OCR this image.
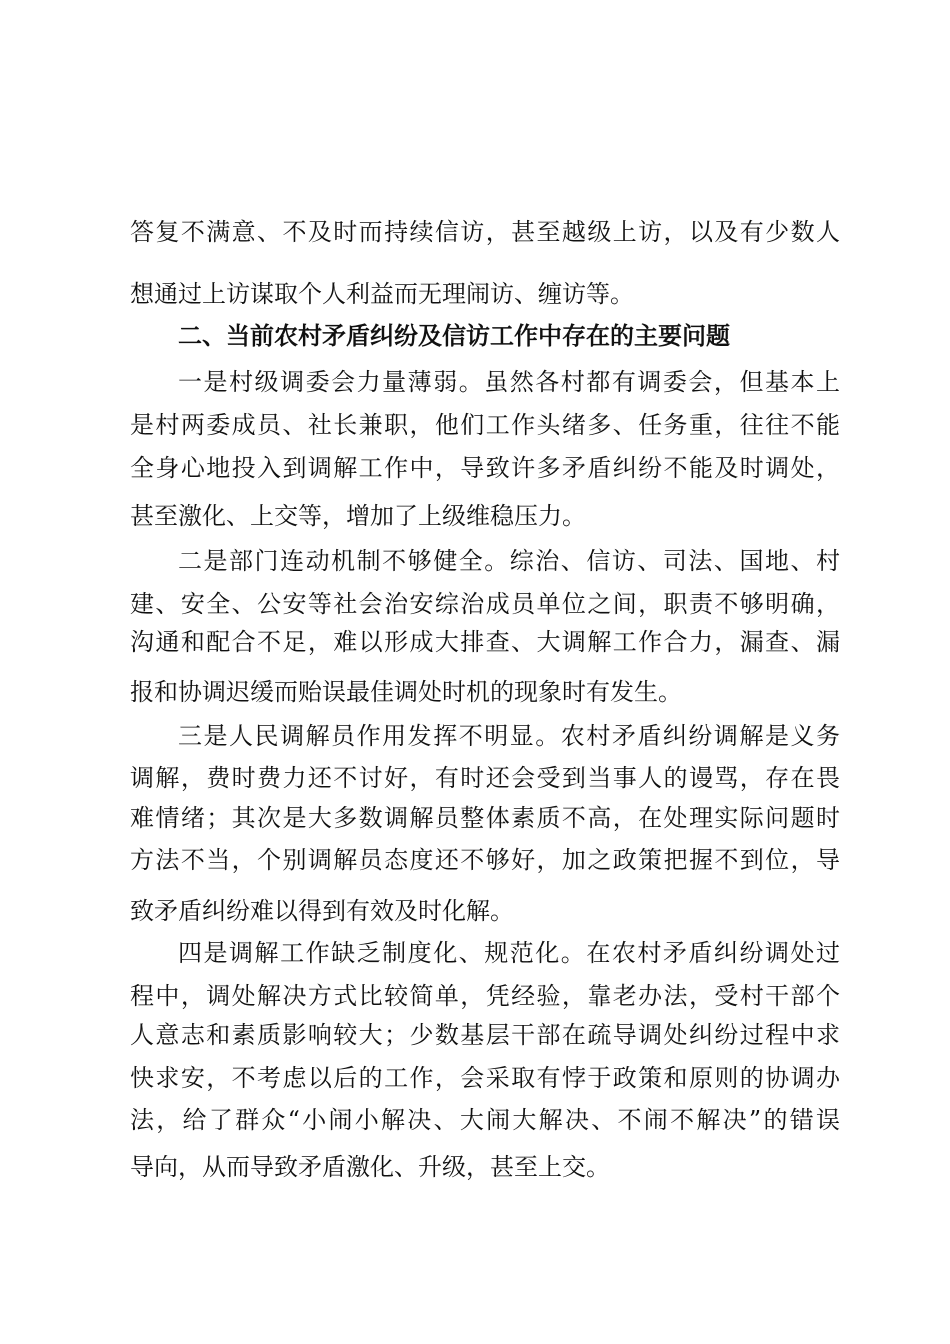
答复不满意、不及时而持续信访，甚至越级上访，以及有少数人
想通过上访谋取个人利益而无理闹访、缠访等。
二、当前农村矛盾纠纷及信访工作中存在的主要问题
一是村级调委会力量薄弱。虽然各村都有调委会，但基本上
是村两委成员、社长兼职，他们工作头绪多、任务重，往往不能
全身心地投入到调解工作中，导致许多矛盾纠纷不能及时调处，
甚至激化、上交等，增加了上级维稳压力。
二是部门连动机制不够健全。综治、信访、司法、国地、村
建、安全、公安等社会治安综治成员单位之间，职责不够明确，
沟通和配合不足，难以形成大排查、大调解工作合力，漏查、漏
报和协调迟缓而贻误最佳调处时机的现象时有发生。
三是人民调解员作用发挥不明显。农村矛盾纠纷调解是义务
调解，费时费力还不讨好，有时还会受到当事人的谩骂，存在畏
难情绪；其次是大多数调解员整体素质不高，在处理实际问题时
方法不当，个别调解员态度还不够好，加之政策把握不到位，导
致矛盾纠纷难以得到有效及时化解。
四是调解工作缺乏制度化、规范化。在农村矛盾纠纷调处过
程中，调处解决方式比较简单，凭经验，靠老办法，受村干部个
人意志和素质影响较大；少数基层干部在疏导调处纠纷过程中求
快求安，不考虑以后的工作，会采取有悖于政策和原则的协调办
法，给了群众“小闹小解决、大闹大解决、不闹不解决”的错误
导向，从而导致矛盾激化、升级，甚至上交。
